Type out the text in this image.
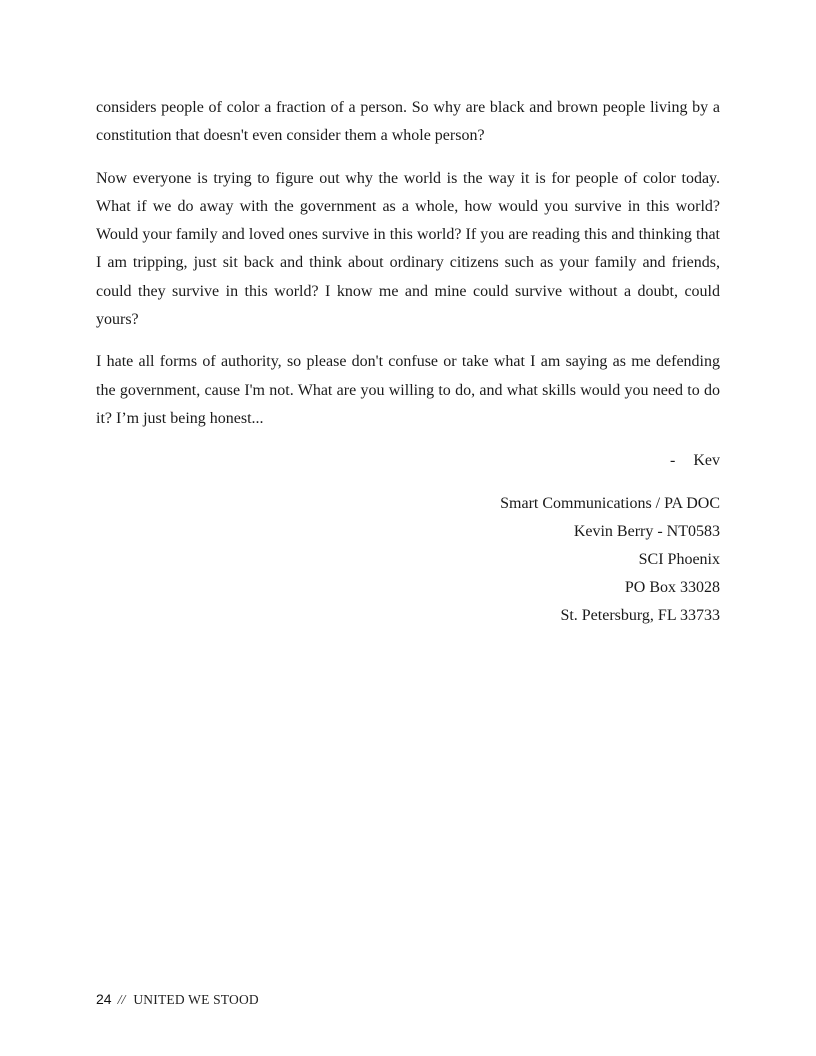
considers people of color a fraction of a person. So why are black and brown people living by a constitution that doesn't even consider them a whole person?

Now everyone is trying to figure out why the world is the way it is for people of color today. What if we do away with the government as a whole, how would you survive in this world? Would your family and loved ones survive in this world? If you are reading this and thinking that I am tripping, just sit back and think about ordinary citizens such as your family and friends, could they survive in this world? I know me and mine could survive without a doubt, could yours?

I hate all forms of authority, so please don't confuse or take what I am saying as me defending the government, cause I'm not. What are you willing to do, and what skills would you need to do it? I’m just being honest...

- Kev
Smart Communications / PA DOC
Kevin Berry - NT0583
SCI Phoenix
PO Box 33028
St. Petersburg, FL 33733
24 // UNITED WE STOOD
